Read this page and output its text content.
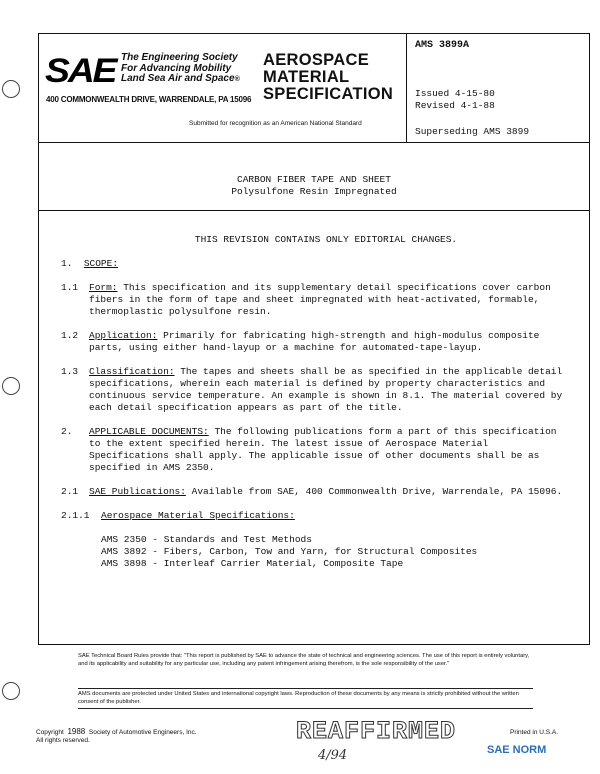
SAE The Engineering Society
For Advancing Mobility
Land Sea Air and Space®
400 COMMONWEALTH DRIVE, WARRENDALE, PA 15096
AEROSPACE
MATERIAL
SPECIFICATION
Submitted for recognition as an American National Standard
AMS 3899A
Issued 4-15-80
Revised 4-1-88
Superseding AMS 3899
CARBON FIBER TAPE AND SHEET
Polysulfone Resin Impregnated

THIS REVISION CONTAINS ONLY EDITORIAL CHANGES.

1. SCOPE:

1.1	Form: This specification and its supplementary detail specifications cover carbon fibers in the form of tape and sheet impregnated with heat-activated, formable, thermoplastic polysulfone resin.

1.2	Application: Primarily for fabricating high-strength and high-modulus composite parts, using either hand-layup or a machine for automated-tape-layup.

1.3	Classification: The tapes and sheets shall be as specified in the applicable detail specifications, wherein each material is defined by property characteristics and continuous service temperature. An example is shown in 8.1. The material covered by each detail specification appears as part of the title.

2.	APPLICABLE DOCUMENTS: The following publications form a part of this specification to the extent specified herein. The latest issue of Aerospace Material Specifications shall apply. The applicable issue of other documents shall be as specified in AMS 2350.

2.1	SAE Publications: Available from SAE, 400 Commonwealth Drive, Warrendale, PA 15096.

2.1.1	Aerospace Material Specifications:

AMS 2350 - Standards and Test Methods
AMS 3892 - Fibers, Carbon, Tow and Yarn, for Structural Composites
AMS 3898 - Interleaf Carrier Material, Composite Tape
SAE Technical Board Rules provide that: "This report is published by SAE to advance the state of technical and engineering sciences. The use of this report is entirely voluntary, and its applicability and suitability for any particular use, including any patent infringement arising therefrom, is the sole responsibility of the user."
AMS documents are protected under United States and international copyright laws. Reproduction of these documents by any means is strictly prohibited without the written consent of the publisher.
Copyright 1988 Society of Automotive Engineers, Inc.
All rights reserved.
Printed in U.S.A.
REAFFIRMED
4/94	SAE NORM
